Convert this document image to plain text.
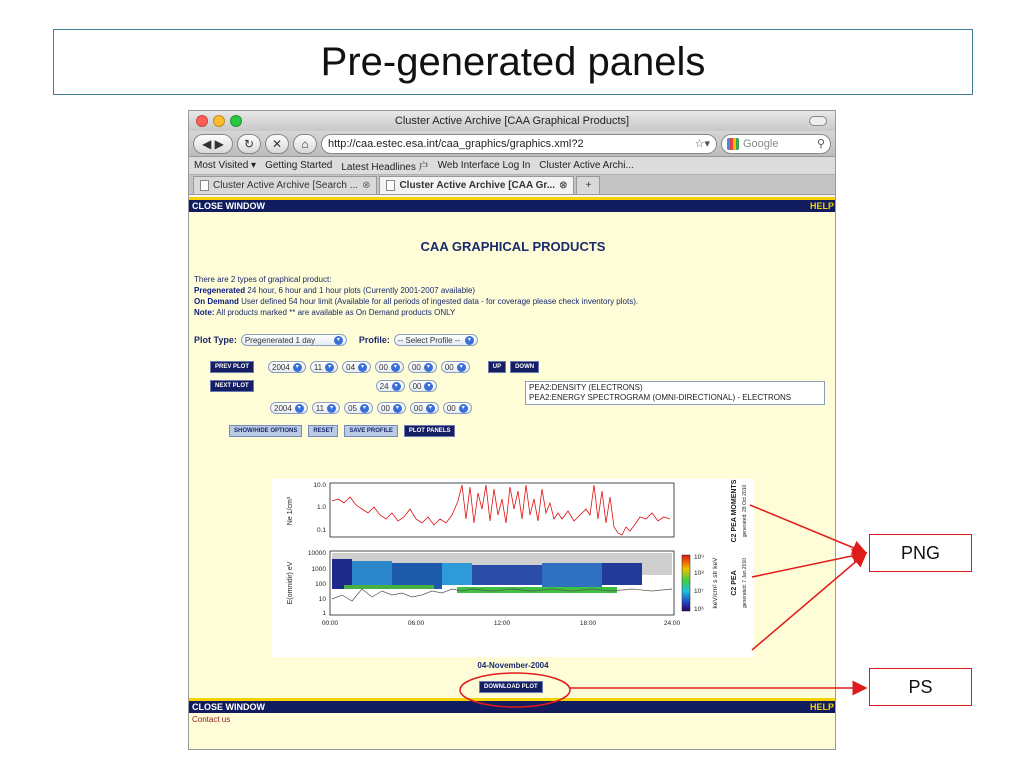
Pre-generated panels
Cluster Active Archive [CAA Graphical Products]
◀ ▶	↻	✕	⌂	http://caa.estec.esa.int/caa_graphics/graphics.xml?2	☆▾	Google	⚲
Most Visited ▾ Getting Started Latest Headlines ⼾ Web Interface Log In Cluster Active Archi...
Cluster Active Archive [Search ... ⊗	Cluster Active Archive [CAA Gr... ⊗	+
CLOSE WINDOW	HELP
CAA GRAPHICAL PRODUCTS
There are 2 types of graphical product:
Pregenerated 24 hour, 6 hour and 1 hour plots (Currently 2001-2007 available)
On Demand User defined 54 hour limit (Available for all periods of ingested data - for coverage please check inventory plots).
Note: All products marked ** are available as On Demand products ONLY
Plot Type: Pregenerated 1 day	▾	Profile: -- Select Profile --	▾
PREV PLOT	2004 ▾	11 ▾	04 ▾	00 ▾	00 ▾	00 ▾	UP	DOWN
NEXT PLOT	24 ▾	00 ▾	PEA2:DENSITY (ELECTRONS)
PEA2:ENERGY SPECTROGRAM (OMNI-DIRECTIONAL) - ELECTRONS
2004 ▾	11 ▾	05 ▾	00 ▾	00 ▾	00 ▾
SHOW/HIDE OPTIONS	RESET	SAVE PROFILE	PLOT PANELS
10.0
1.0
0.1
10000
1000
100
10
1
00:00	06:00	12:00	18:00	24:00
10⁹
10⁸
10⁷
10⁶
Ne 1/cm³
E(omnidir) eV	keV/cm² s str keV
C2 PEA MOMENTS generated: 28 Oct 2010
C2 PEA generated: 7 Jan 2010
04-November-2004
DOWNLOAD PLOT
CLOSE WINDOW	HELP
Contact us
PNG
PS
